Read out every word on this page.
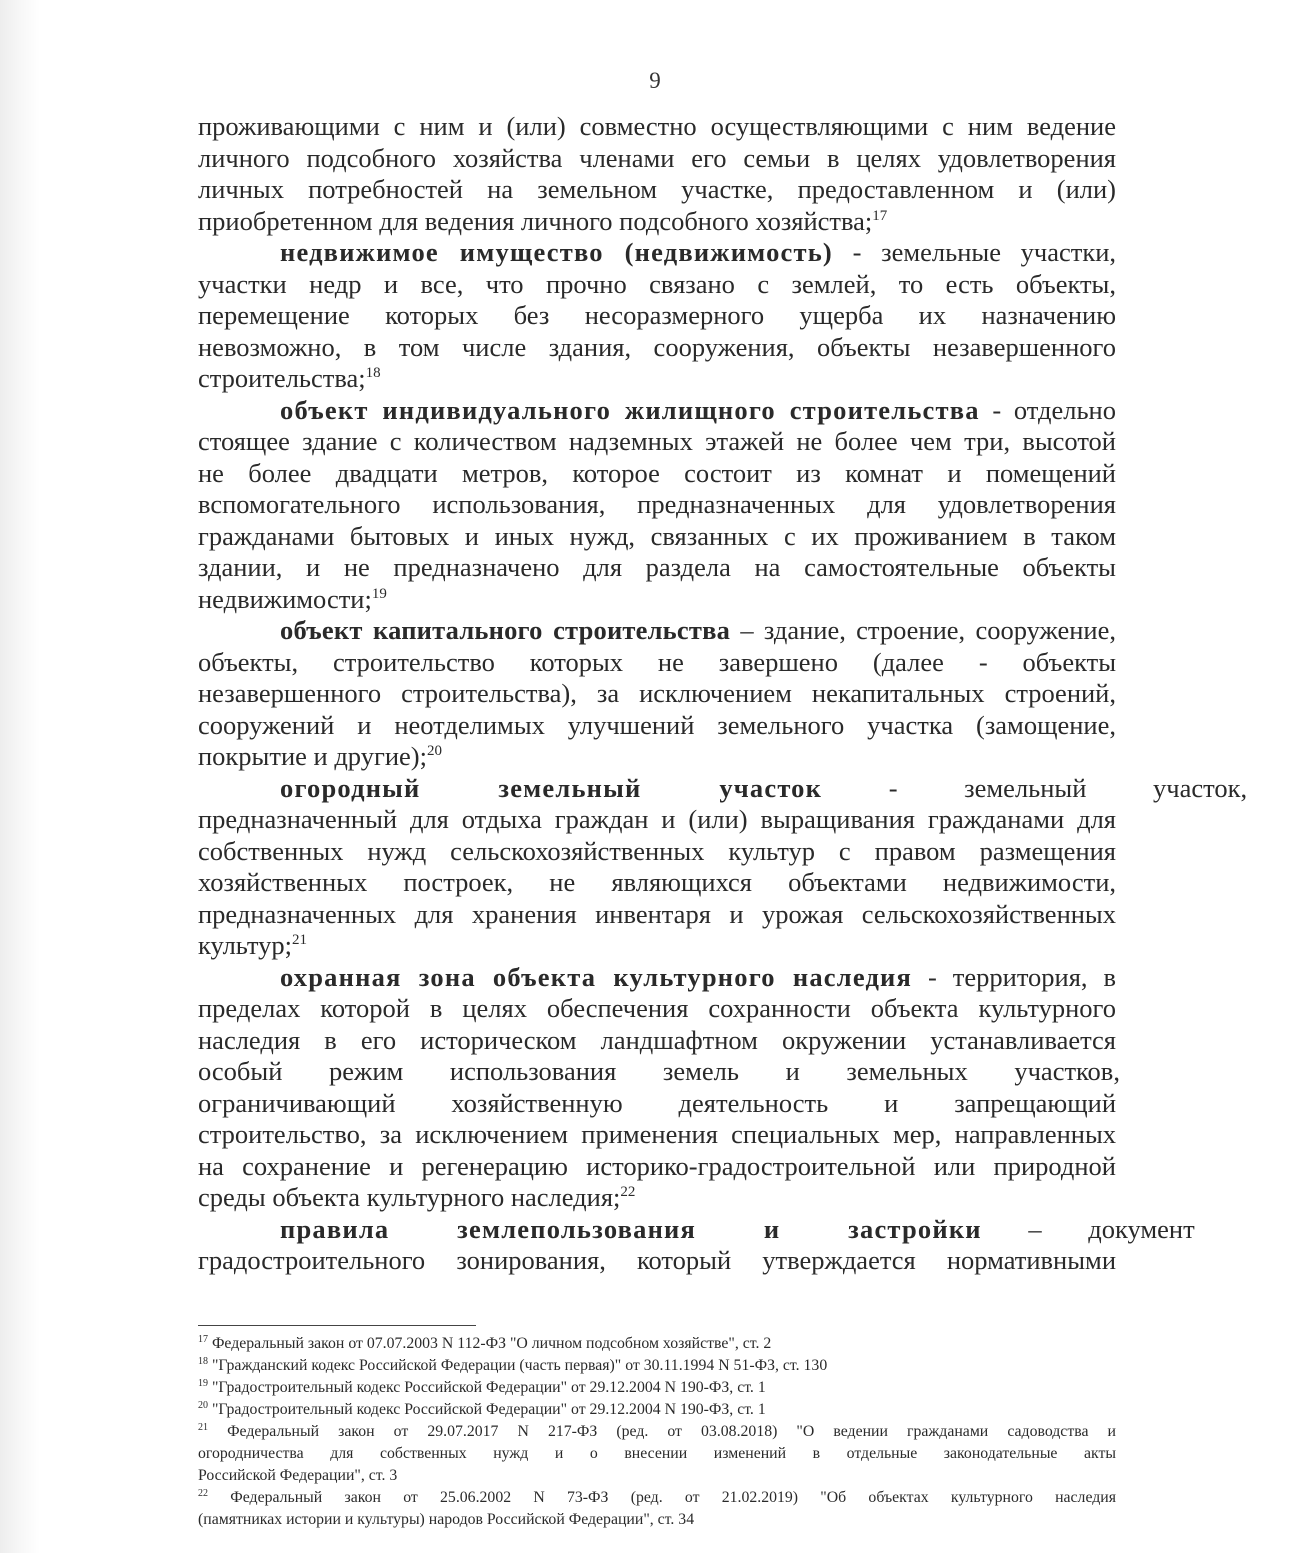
9
проживающими с ним и (или) совместно осуществляющими с ним ведение
личного подсобного хозяйства членами его семьи в целях удовлетворения
личных потребностей на земельном участке, предоставленном и (или)
приобретенном для ведения личного подсобного хозяйства;$^{17}$
недвижимое имущество (недвижимость) - земельные участки,
участки недр и все, что прочно связано с землей, то есть объекты,
перемещение которых без несоразмерного ущерба их назначению
невозможно, в том числе здания, сооружения, объекты незавершенного
строительства;$^{18}$
объект индивидуального жилищного строительства - отдельно
стоящее здание с количеством надземных этажей не более чем три, высотой
не более двадцати метров, которое состоит из комнат и помещений
вспомогательного использования, предназначенных для удовлетворения
гражданами бытовых и иных нужд, связанных с их проживанием в таком
здании, и не предназначено для раздела на самостоятельные объекты
недвижимости;$^{19}$
объект капитального строительства – здание, строение, сооружение,
объекты, строительство которых не завершено (далее - объекты
незавершенного строительства), за исключением некапитальных строений,
сооружений и неотделимых улучшений земельного участка (замощение,
покрытие и другие);$^{20}$
огородный земельный участок - земельный участок,
предназначенный для отдыха граждан и (или) выращивания гражданами для
собственных нужд сельскохозяйственных культур с правом размещения
хозяйственных построек, не являющихся объектами недвижимости,
предназначенных для хранения инвентаря и урожая сельскохозяйственных
культур;$^{21}$
охранная зона объекта культурного наследия - территория, в
пределах которой в целях обеспечения сохранности объекта культурного
наследия в его историческом ландшафтном окружении устанавливается
особый режим использования земель и земельных участков,
ограничивающий хозяйственную деятельность и запрещающий
строительство, за исключением применения специальных мер, направленных
на сохранение и регенерацию историко-градостроительной или природной
среды объекта культурного наследия;$^{22}$
правила землепользования и застройки – документ
градостроительного зонирования, который утверждается нормативными
$^{17}$ Федеральный закон от 07.07.2003 N 112-ФЗ "О личном подсобном хозяйстве", ст. 2
$^{18}$ "Гражданский кодекс Российской Федерации (часть первая)" от 30.11.1994 N 51-ФЗ, ст. 130
$^{19}$ "Градостроительный кодекс Российской Федерации" от 29.12.2004 N 190-ФЗ, ст. 1
$^{20}$ "Градостроительный кодекс Российской Федерации" от 29.12.2004 N 190-ФЗ, ст. 1
$^{21}$ Федеральный закон от 29.07.2017 N 217-ФЗ (ред. от 03.08.2018) "О ведении гражданами садоводства и
огородничества для собственных нужд и о внесении изменений в отдельные законодательные акты
Российской Федерации", ст. 3
$^{22}$ Федеральный закон от 25.06.2002 N 73-ФЗ (ред. от 21.02.2019) "Об объектах культурного наследия
(памятниках истории и культуры) народов Российской Федерации", ст. 34
